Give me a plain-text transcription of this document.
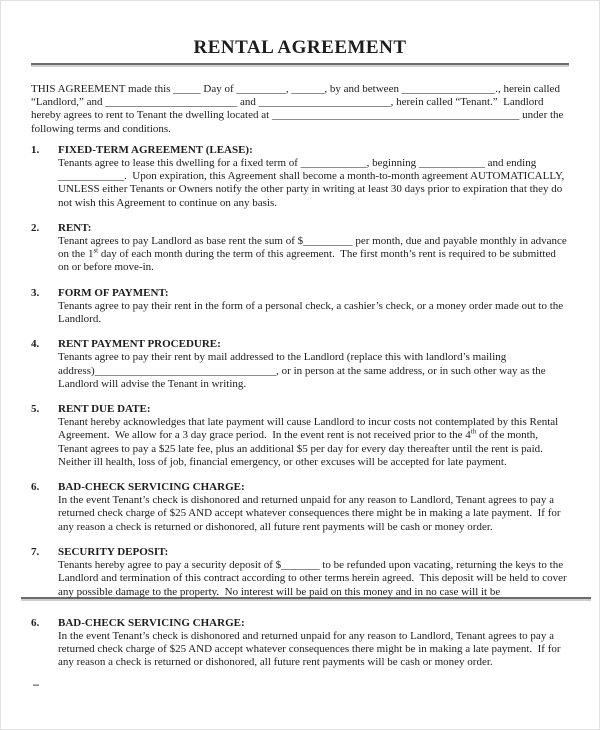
RENTAL AGREEMENT

THIS AGREEMENT made this _____ Day of _________, ______, by and between _________________., herein called “Landlord,” and ________________________ and ________________________, herein called “Tenant.”  Landlord hereby agrees to rent to Tenant the dwelling located at _____________________________________________ under the following terms and conditions.

1.	FIXED-TERM AGREEMENT (LEASE):
Tenants agree to lease this dwelling for a fixed term of ____________, beginning ____________ and ending ____________.  Upon expiration, this Agreement shall become a month-to-month agreement AUTOMATICALLY, UNLESS either Tenants or Owners notify the other party in writing at least 30 days prior to expiration that they do not wish this Agreement to continue on any basis.
2.	RENT:
Tenant agrees to pay Landlord as base rent the sum of $_________ per month, due and payable monthly in advance on the 1st day of each month during the term of this agreement.  The first month’s rent is required to be submitted on or before move-in.
3.	FORM OF PAYMENT:
Tenants agree to pay their rent in the form of a personal check, a cashier’s check, or a money order made out to the Landlord.
4.	RENT PAYMENT PROCEDURE:
Tenants agree to pay their rent by mail addressed to the Landlord (replace this with landlord’s mailing address)_________________________________, or in person at the same address, or in such other way as the Landlord will advise the Tenant in writing.
5.	RENT DUE DATE:
Tenant hereby acknowledges that late payment will cause Landlord to incur costs not contemplated by this Rental Agreement.  We allow for a 3 day grace period.  In the event rent is not received prior to the 4th of the month, Tenant agrees to pay a $25 late fee, plus an additional $5 per day for every day thereafter until the rent is paid.  Neither ill health, loss of job, financial emergency, or other excuses will be accepted for late payment.
6.	BAD-CHECK SERVICING CHARGE:
In the event Tenant’s check is dishonored and returned unpaid for any reason to Landlord, Tenant agrees to pay a returned check charge of $25 AND accept whatever consequences there might be in making a late payment.  If for any reason a check is returned or dishonored, all future rent payments will be cash or money order.
7.	SECURITY DEPOSIT:
Tenants hereby agree to pay a security deposit of $_______ to be refunded upon vacating, returning the keys to the Landlord and termination of this contract according to other terms herein agreed.  This deposit will be held to cover any possible damage to the property.  No interest will be paid on this money and in no case will it be
6.	BAD-CHECK SERVICING CHARGE:
In the event Tenant’s check is dishonored and returned unpaid for any reason to Landlord, Tenant agrees to pay a returned check charge of $25 AND accept whatever consequences there might be in making a late payment.  If for any reason a check is returned or dishonored, all future rent payments will be cash or money order.
–
